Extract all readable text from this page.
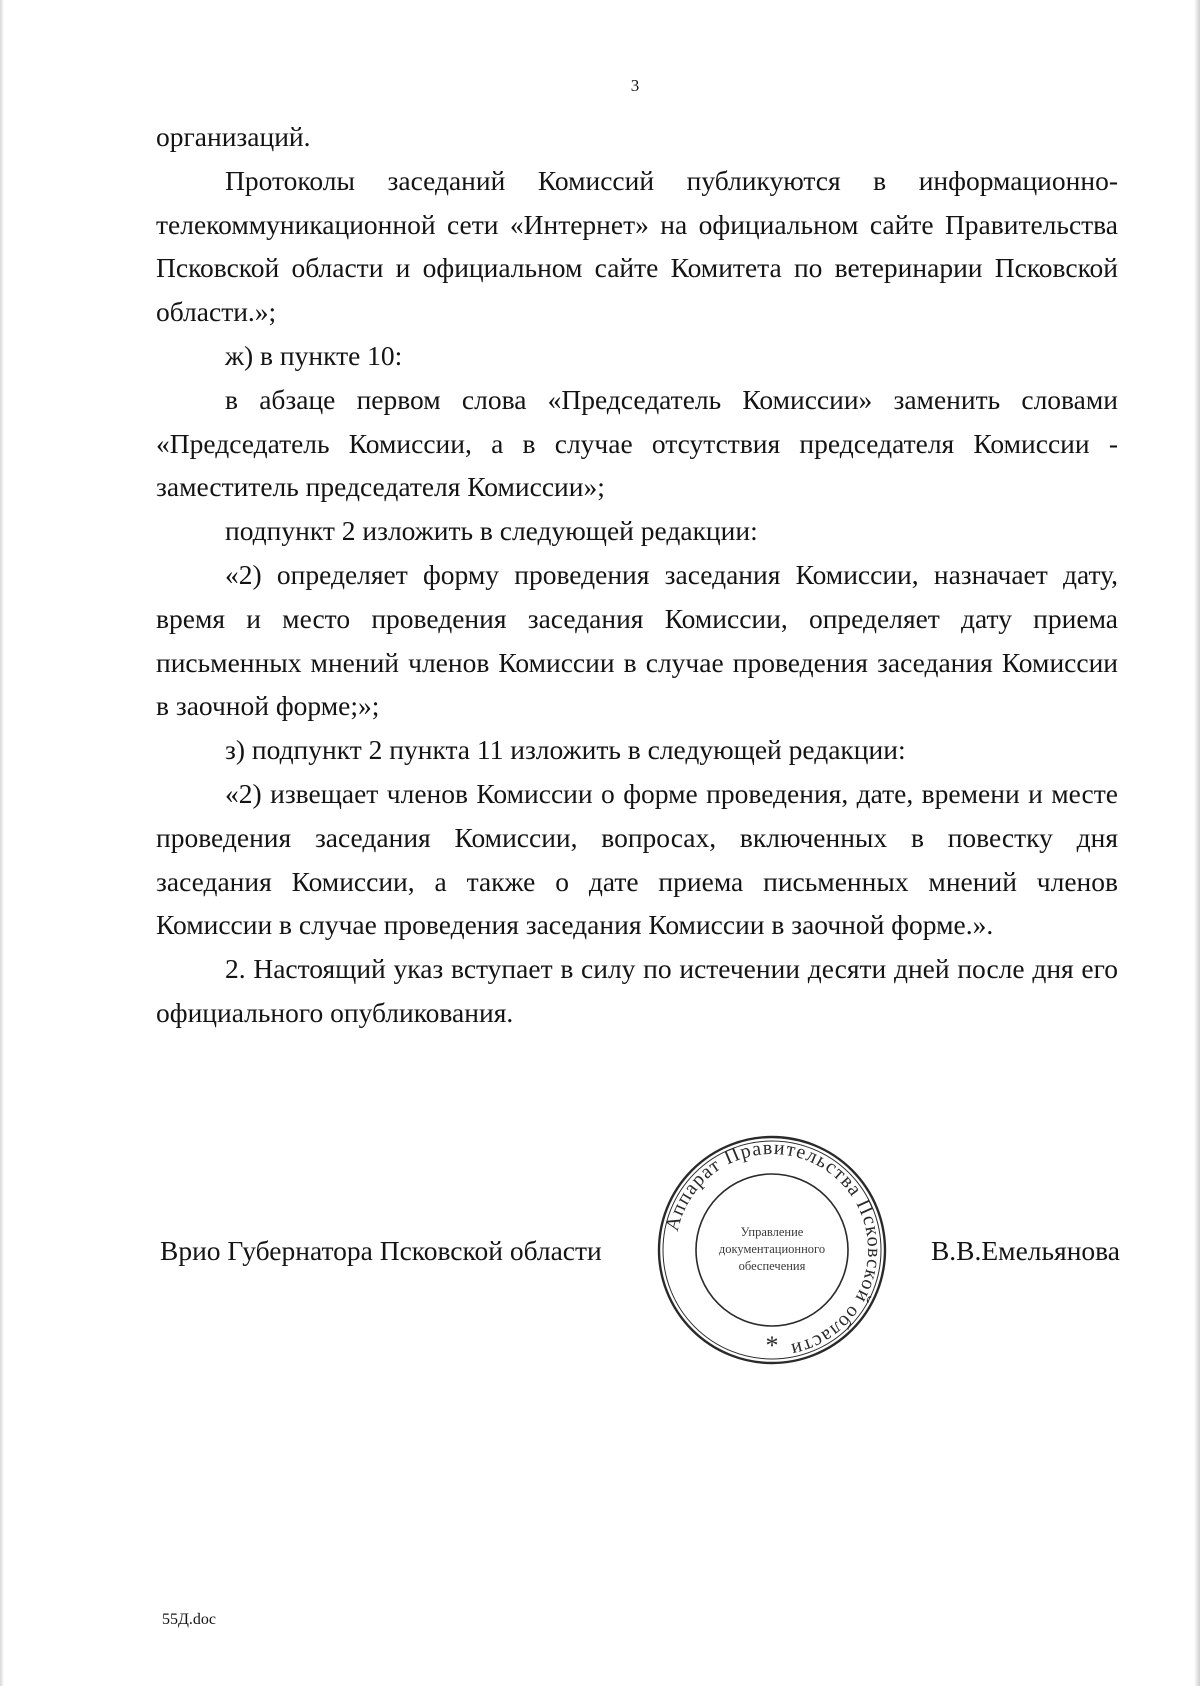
3

организаций.

Протоколы заседаний Комиссий публикуются в информационно-телекоммуникационной сети «Интернет» на официальном сайте Правительства Псковской области и официальном сайте Комитета по ветеринарии Псковской области.»;

ж) в пункте 10:

в абзаце первом слова «Председатель Комиссии» заменить словами «Председатель Комиссии, а в случае отсутствия председателя Комиссии - заместитель председателя Комиссии»;

подпункт 2 изложить в следующей редакции:

«2) определяет форму проведения заседания Комиссии, назначает дату, время и место проведения заседания Комиссии, определяет дату приема письменных мнений членов Комиссии в случае проведения заседания Комиссии в заочной форме;»;

з) подпункт 2 пункта 11 изложить в следующей редакции:

«2) извещает членов Комиссии о форме проведения, дате, времени и месте проведения заседания Комиссии, вопросах, включенных в повестку дня заседания Комиссии, а также о дате приема письменных мнений членов Комиссии в случае проведения заседания Комиссии в заочной форме.».

2. Настоящий указ вступает в силу по истечении десяти дней после дня его официального опубликования.

Врио Губернатора Псковской области
Аппарат Правительства Псковской области
Управление
документационного
обеспечения
*
В.В.Емельянова
55Д.doc
